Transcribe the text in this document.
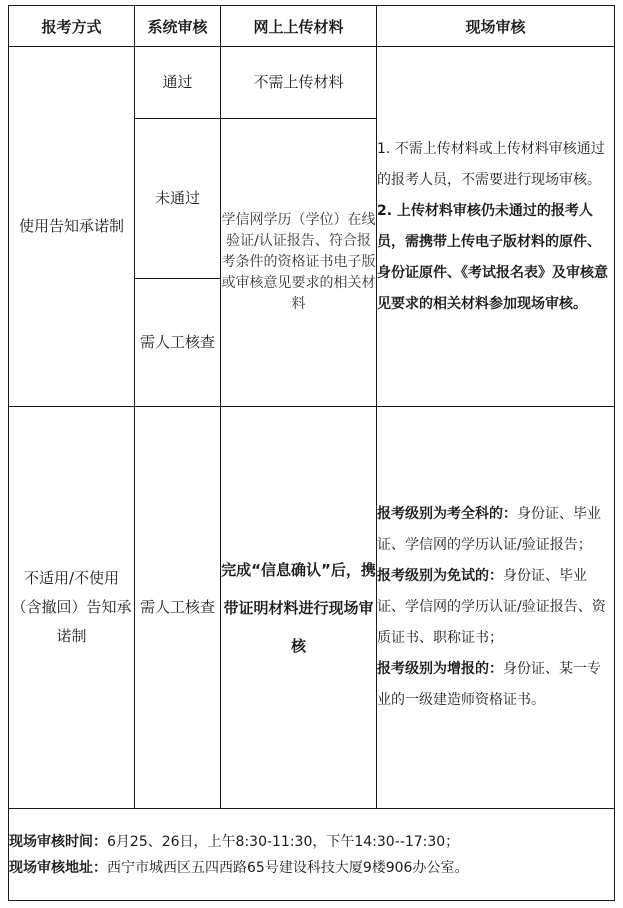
报考方式	系统审核	网上上传材料	现场审核
使用告知承诺制	通过	不需上传材料	1. 不需上传材料或上传材料审核通过的报考人员，不需要进行现场审核。

2. 上传材料审核仍未通过的报考人员，需携带上传电子版材料的原件、身份证原件、《考试报名表》及审核意见要求的相关材料参加现场审核。

	未通过	学信网学历（学位）在线验证/认证报告、符合报考条件的资格证书电子版或审核意见要求的相关材料	
	需人工核查		
不适用/不使用（含撤回）告知承诺制	需人工核查	完成“信息确认”后，携带证明材料进行现场审核	报考级别为考全科的：身份证、毕业证、学信网的学历认证/验证报告；

报考级别为免试的：身份证、毕业证、学信网的学历认证/验证报告、资质证书、职称证书；

报考级别为增报的：身份证、某一专业的一级建造师资格证书。

现场审核时间：6月25、26日，上午8:30-11:30，下午14:30--17:30；

现场审核地址：西宁市城西区五四西路65号建设科技大厦9楼906办公室。			
